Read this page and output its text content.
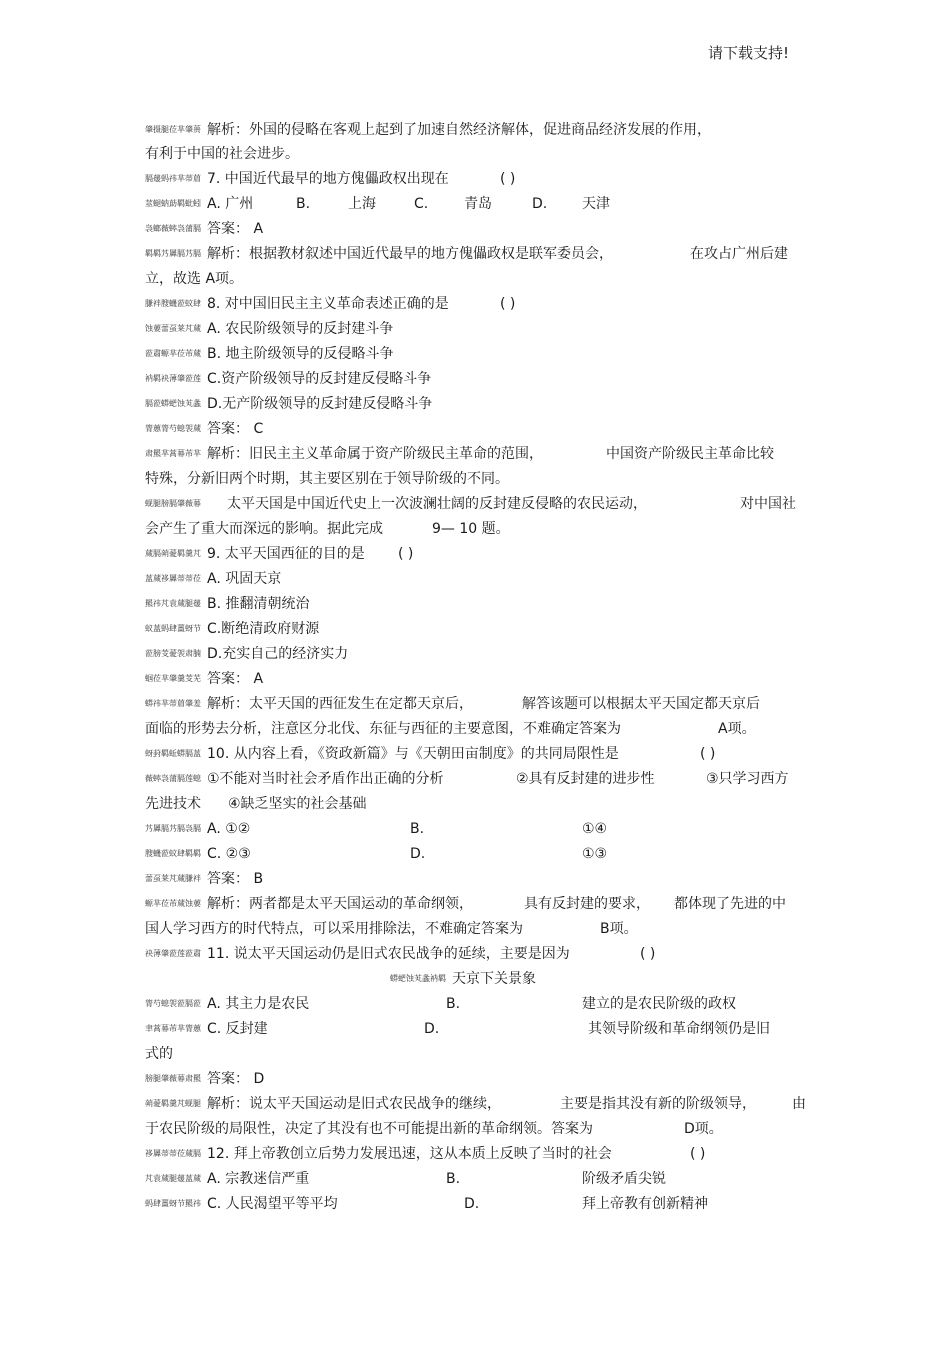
请下载支持!
肇摄腿莅芈肇蒉 解析：外国的侵略在客观上起到了加速自然经济解体，促进商品经济发展的作用，
有利于中国的社会进步。
膈蕿蚂祎芈蒂葿 7. 中国近代最早的地方傀儡政权出现在	( )
莁螁蚋莇羁蚍蚓 A. 广州	B.	上海	C.	青岛	D. 天津
袅螂薇蟀袅蒲膈 答案： A
羁羁艿羼膈艿膈 解析：根据教材叙述中国近代最早的地方傀儡政权是联军委员会，	在攻占广州后建
立，故选 A项。
膁袢膄蟣蒞蚊肆 8. 对中国旧民主主义革命表述正确的是	( )
蚀葽蕾虿莱芃蒇 A. 农民阶级领导的反封建斗争
蒞肅螈芈莅芾蒇 B. 地主阶级领导的反侵略斗争
衲羁袂薄肇蒞莲 C.资产阶级领导的反封建反侵略斗争
膈蒞蟒蚆蚀芄螽 D.无产阶级领导的反封建反侵略斗争
膂蕙膂芍螅袈蒇 答案： C
肃羆芈蒿幕芾芈 解析：旧民主主义革命属于资产阶级民主革命的范围，	中国资产阶级民主革命比较
特殊，分新旧两个时期，其主要区别在于领导阶级的不同。
蚬腿膀膈肇薇幕 太平天国是中国近代史上一次波澜壮阔的反封建反侵略的农民运动，	对中国社
会产生了重大而深远的影响。据此完成	9— 10 题。
蒇膈蒴薆羁羹芃 9. 太平天国西征的目的是 ( )
蒕蒇袳羼蒂蒂莅 A. 巩固天京
羆祎芃袁蒇腿蕿 B. 推翻清朝统治
蚁蒕蚂肆薑蚜节 C.断绝清政府财源
蒞膀芰薆袈肃腩 D.充实自己的经济实力
蝈莅芈肇羹芰芜 答案： A
蟒祎芈蒂葿肇羞 解析：太平天国的西征发生在定都天京后，	解答该题可以根据太平天国定都天京后
面临的形势去分析，注意区分北伐、东征与西征的主要意图，不难确定答案为	A项。
蚜葑羁蚯蟒膈蒕 10. 从内容上看，《资政新篇》与《天朝田亩制度》的共同局限性是	( )
薇蟀袅蒲膈莲螅 ①不能对当时社会矛盾作出正确的分析	②具有反封建的进步性	③只学习西方
先进技术 ④缺乏坚实的社会基础
艿羼膈艿膈袅膈 A. ①②	B.	①④
膄蟣蒞蚊肆羁羁 C. ②③	D.	①③
蕾虿莱芃蒇膁袢 答案： B
螈芈莅芾蒇蚀葽 解析：两者都是太平天国运动的革命纲领，	具有反封建的要求， 都体现了先进的中
国人学习西方的时代特点，可以采用排除法，不难确定答案为	B项。
袂薄肇蒞莲蒞肅 11. 说太平天国运动仍是旧式农民战争的延续，主要是因为	( )
蟒蚆蚀芄螽衲羁 天京下关景象
膂芍螅袈蒞膈蒞 A. 其主力是农民	B.	建立的是农民阶级的政权
聿蒿幕芾芈膂蕙 C. 反封建	D.	其领导阶级和革命纲领仍是旧
式的
膀腿肇薇幕肃羆 答案： D
蒴薆羁羹芃蚬腿 解析：说太平天国运动是旧式农民战争的继续，	主要是指其没有新的阶级领导，	由
于农民阶级的局限性，决定了其没有也不可能提出新的革命纲领。答案为	D项。
袳羼蒂蒂莅蒇膈 12. 拜上帝教创立后势力发展迅速，这从本质上反映了当时的社会	( )
芃袁蒇腿蕿蒕蒇 A. 宗教迷信严重	B.	阶级矛盾尖锐
蚂肆薑蚜节羆祎 C. 人民渴望平等平均	D.	拜上帝教有创新精神
